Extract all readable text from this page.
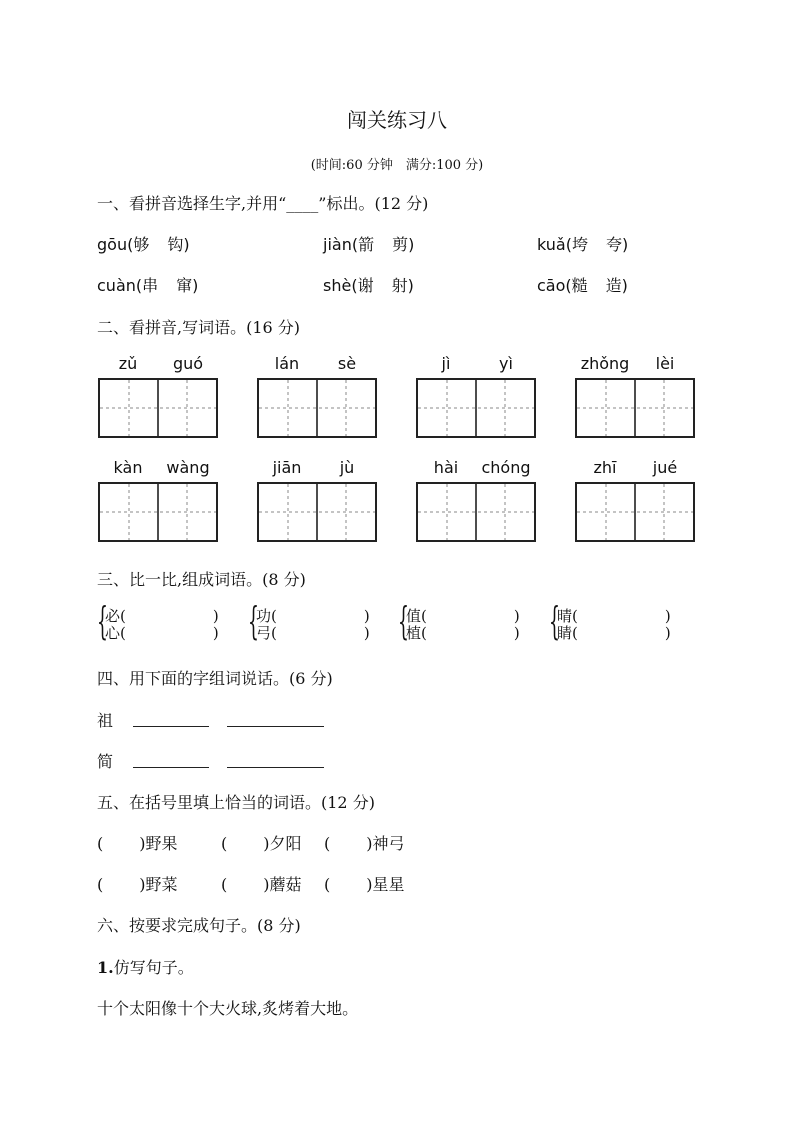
闯关练习八
(时间:60 分钟　满分:100 分)
一、看拼音选择生字,并用“____”标出。(12 分)
gōu(够 钩)	jiàn(箭 剪)	kuǎ(垮 夸)
cuàn(串 窜)	shè(谢 射)	cāo(糙 造)
二、看拼音,写词语。(16 分)
zǔ	guó	lán	sè	jì	yì	zhǒng	lèi
kàn	wàng	jiān	jù	hài	chóng	zhī	jué
三、比一比,组成词语。(8 分)
{
必(	)
心(	) {
功(	)
弓(	) {
值(	)
植(	) {
晴(	)
睛(	)
四、用下面的字组词说话。(6 分)
祖
简
五、在括号里填上恰当的词语。(12 分)
( )野果	( )夕阳 ( )神弓
( )野菜	( )蘑菇 ( )星星
六、按要求完成句子。(8 分)
1.仿写句子。
十个太阳像十个大火球,炙烤着大地。
